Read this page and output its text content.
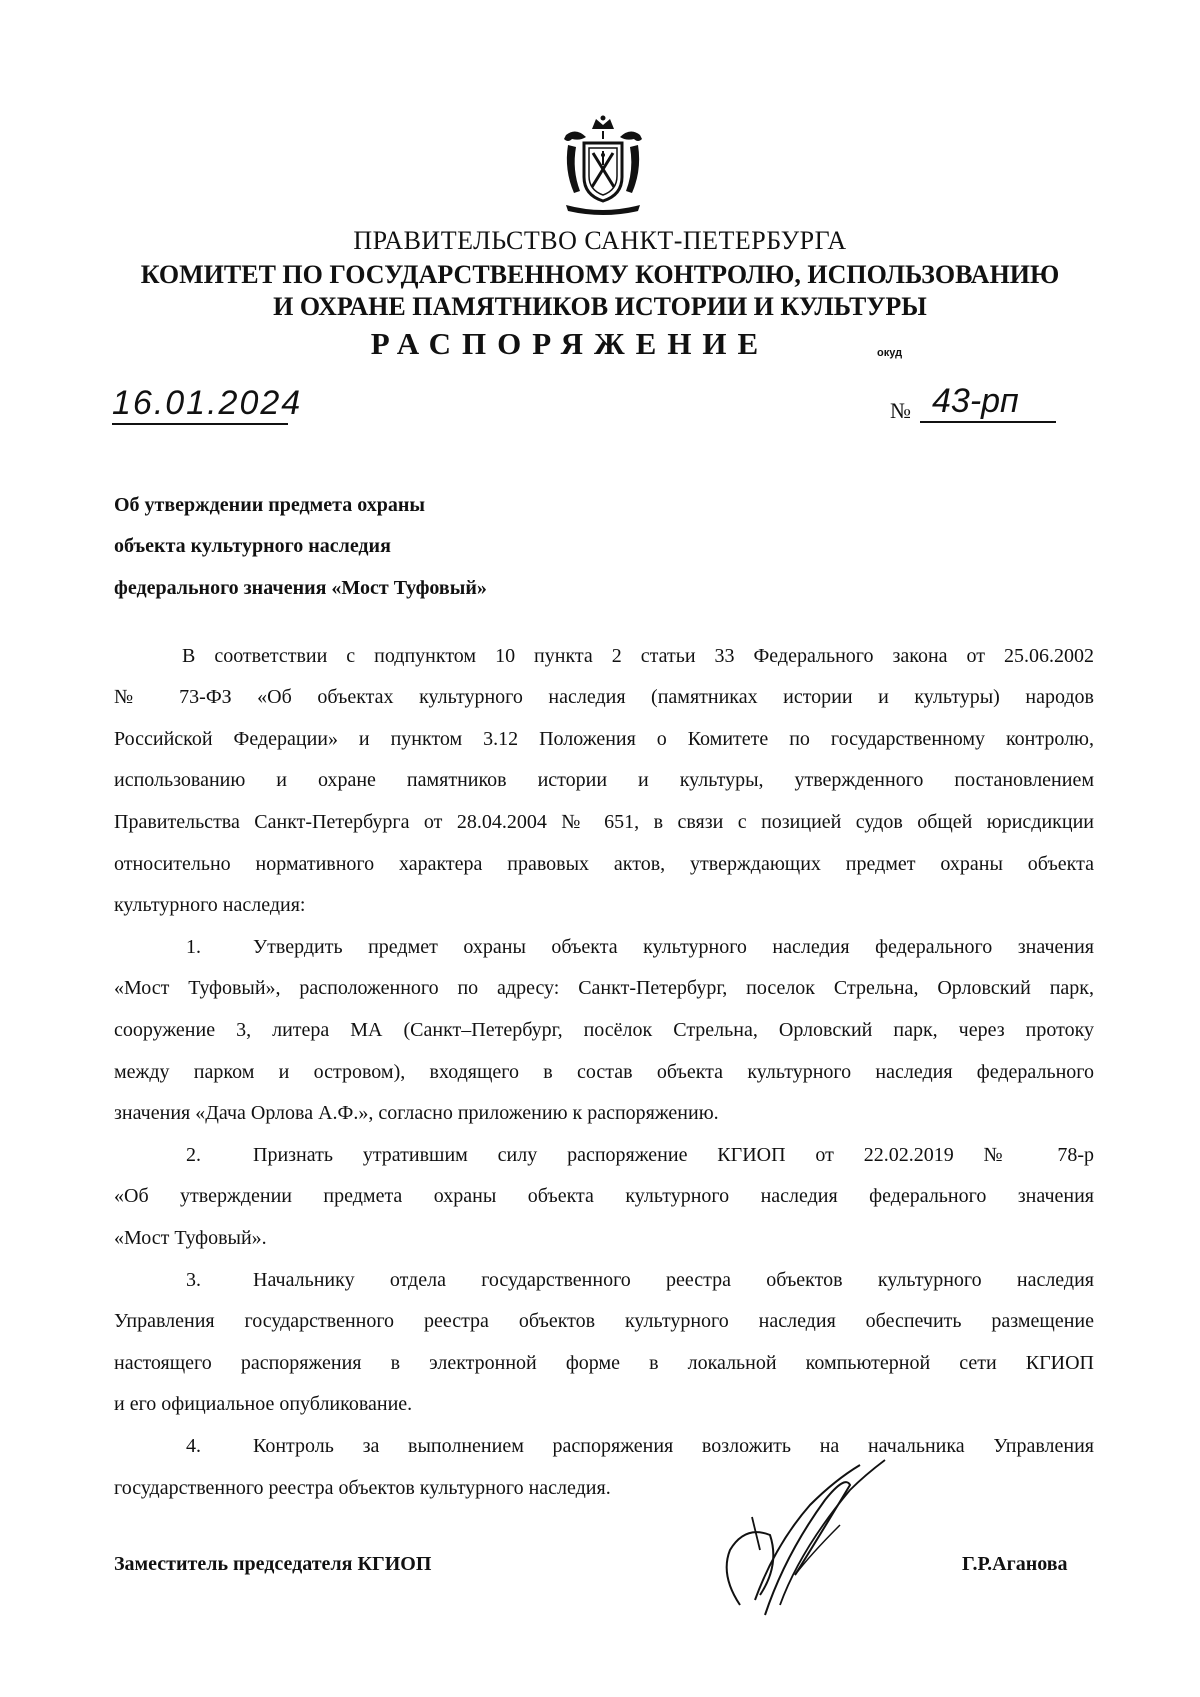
ПРАВИТЕЛЬСТВО САНКТ-ПЕТЕРБУРГА
КОМИТЕТ ПО ГОСУДАРСТВЕННОМУ КОНТРОЛЮ, ИСПОЛЬЗОВАНИЮ
И ОХРАНЕ ПАМЯТНИКОВ ИСТОРИИ И КУЛЬТУРЫ
РАСПОРЯЖЕНИЕ	окуд
16.01.2024	№ 43-рп
Об утверждении предмета охраны
объекта культурного наследия
федерального значения «Мост Туфовый»
В соответствии с подпунктом 10 пункта 2 статьи 33 Федерального закона от 25.06.2002
№ 73-ФЗ «Об объектах культурного наследия (памятниках истории и культуры) народов
Российской Федерации» и пунктом 3.12 Положения о Комитете по государственному контролю,
использованию и охране памятников истории и культуры, утвержденного постановлением
Правительства Санкт-Петербурга от 28.04.2004 № 651, в связи с позицией судов общей юрисдикции
относительно нормативного характера правовых актов, утверждающих предмет охраны объекта
культурного наследия:
1.	Утвердить предмет охраны объекта культурного наследия федерального значения
«Мост Туфовый», расположенного по адресу: Санкт-Петербург, поселок Стрельна, Орловский парк,
сооружение 3, литера МА (Санкт–Петербург, посёлок Стрельна, Орловский парк, через протоку
между парком и островом), входящего в состав объекта культурного наследия федерального
значения «Дача Орлова А.Ф.», согласно приложению к распоряжению.
2.	Признать утратившим силу распоряжение КГИОП от 22.02.2019 № 78-р
«Об утверждении предмета охраны объекта культурного наследия федерального значения
«Мост Туфовый».
3.	Начальнику отдела государственного реестра объектов культурного наследия
Управления государственного реестра объектов культурного наследия обеспечить размещение
настоящего распоряжения в электронной форме в локальной компьютерной сети КГИОП
и его официальное опубликование.
4.	Контроль за выполнением распоряжения возложить на начальника Управления
государственного реестра объектов культурного наследия.
Заместитель председателя КГИОП	Г.Р.Аганова
